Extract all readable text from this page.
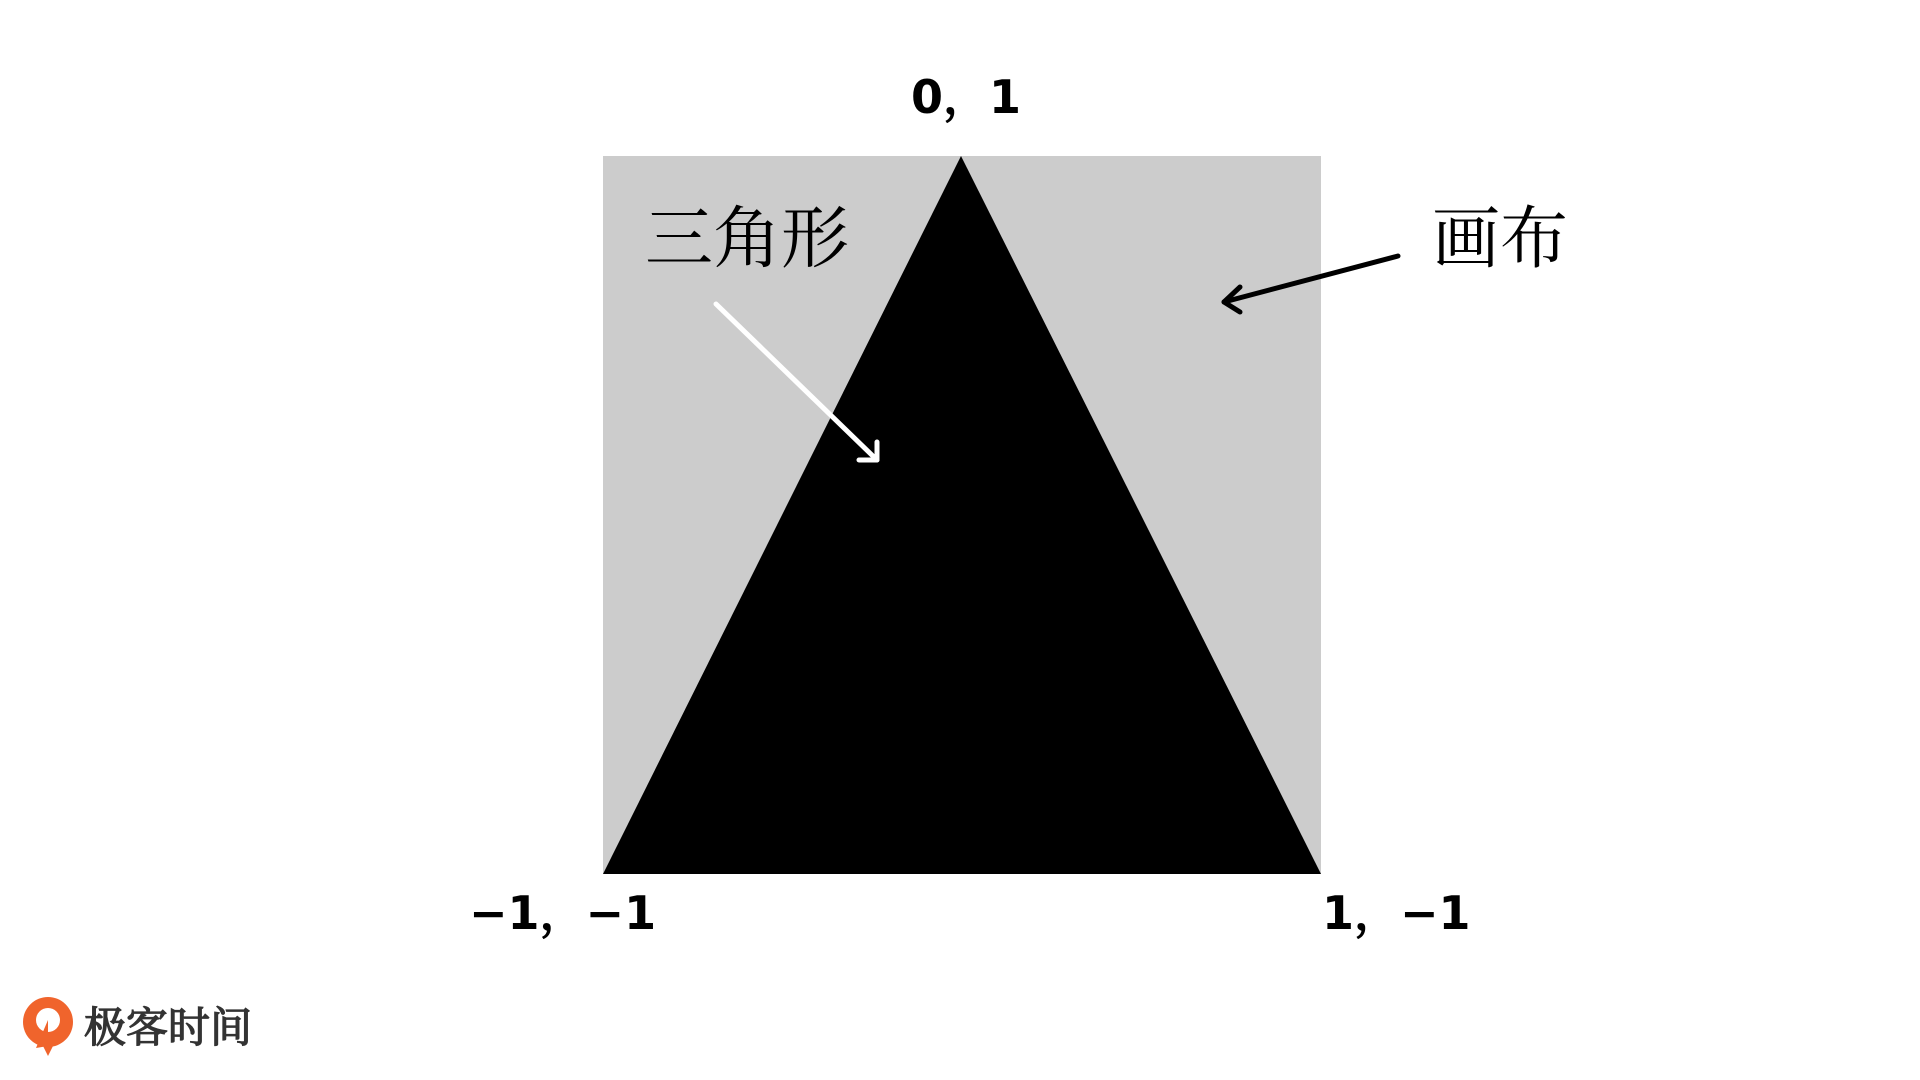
0，1
−1，−1	1，−1
三角形	画布
极客时间
